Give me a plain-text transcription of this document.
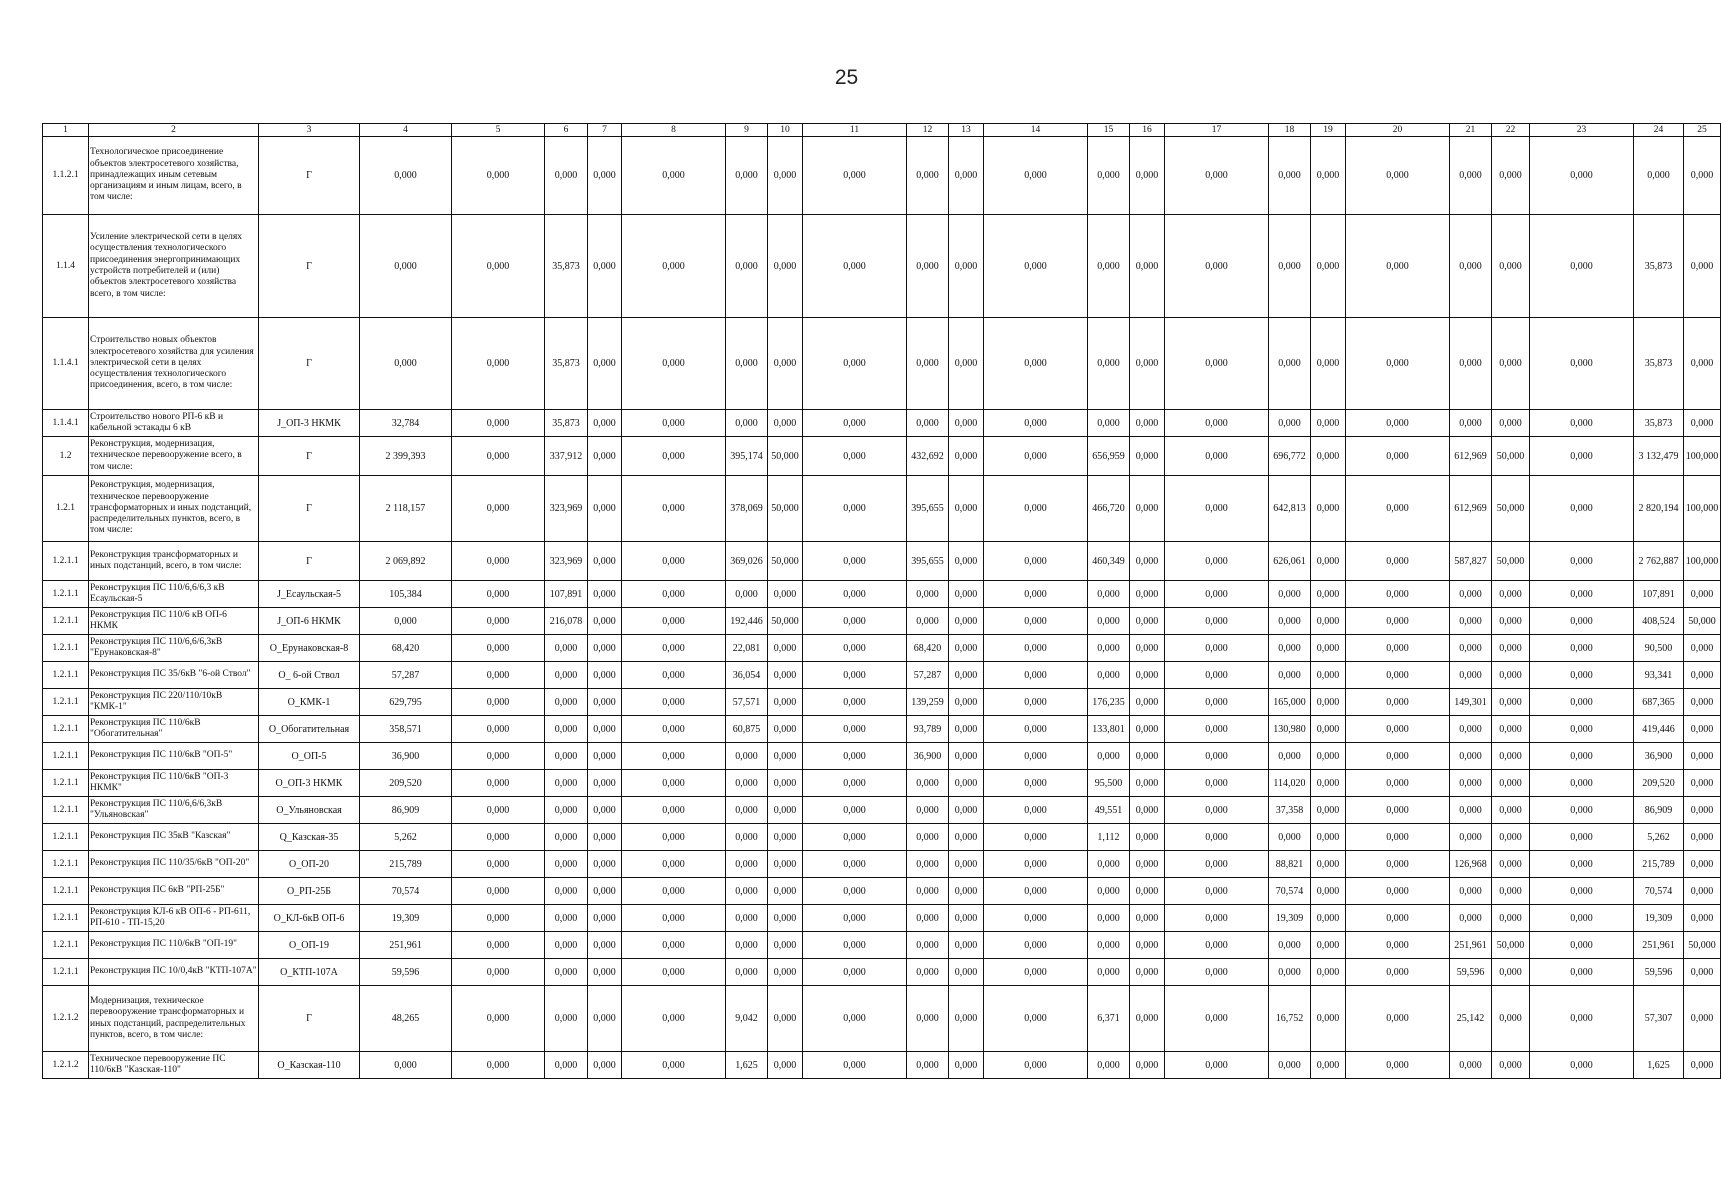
25
1	2	3	4	5	6	7	8	9	10	11	12	13	14	15	16	17	18	19	20	21	22	23	24	25
1.1.2.1	Технологическое присоединение объектов электросетевого хозяйства, принадлежащих иным сетевым организациям и иным лицам, всего, в том числе:	Г	0,000	0,000	0,000	0,000	0,000	0,000	0,000	0,000	0,000	0,000	0,000	0,000	0,000	0,000	0,000	0,000	0,000	0,000	0,000	0,000	0,000	0,000
1.1.4	Усиление электрической сети в целях осуществления технологического присоединения энергопринимающих устройств потребителей и (или) объектов электросетевого хозяйства всего, в том числе:	Г	0,000	0,000	35,873	0,000	0,000	0,000	0,000	0,000	0,000	0,000	0,000	0,000	0,000	0,000	0,000	0,000	0,000	0,000	0,000	0,000	35,873	0,000
1.1.4.1	Строительство новых объектов электросетевого хозяйства для усиления электрической сети в целях осуществления технологического присоединения, всего, в том числе:	Г	0,000	0,000	35,873	0,000	0,000	0,000	0,000	0,000	0,000	0,000	0,000	0,000	0,000	0,000	0,000	0,000	0,000	0,000	0,000	0,000	35,873	0,000
1.1.4.1	Строительство нового РП-6 кВ и кабельной эстакады 6 кВ	J_ОП-3 НКМК	32,784	0,000	35,873	0,000	0,000	0,000	0,000	0,000	0,000	0,000	0,000	0,000	0,000	0,000	0,000	0,000	0,000	0,000	0,000	0,000	35,873	0,000
1.2	Реконструкция, модернизация, техническое перевооружение всего, в том числе:	Г	2 399,393	0,000	337,912	0,000	0,000	395,174	50,000	0,000	432,692	0,000	0,000	656,959	0,000	0,000	696,772	0,000	0,000	612,969	50,000	0,000	3 132,479	100,000
1.2.1	Реконструкция, модернизация, техническое перевооружение трансформаторных и иных подстанций, распределительных пунктов, всего, в том числе:	Г	2 118,157	0,000	323,969	0,000	0,000	378,069	50,000	0,000	395,655	0,000	0,000	466,720	0,000	0,000	642,813	0,000	0,000	612,969	50,000	0,000	2 820,194	100,000
1.2.1.1	Реконструкция трансформаторных и иных подстанций, всего, в том числе:	Г	2 069,892	0,000	323,969	0,000	0,000	369,026	50,000	0,000	395,655	0,000	0,000	460,349	0,000	0,000	626,061	0,000	0,000	587,827	50,000	0,000	2 762,887	100,000
1.2.1.1	Реконструкция ПС 110/6,6/6,3 кВ Есаульская-5	J_Есаульская-5	105,384	0,000	107,891	0,000	0,000	0,000	0,000	0,000	0,000	0,000	0,000	0,000	0,000	0,000	0,000	0,000	0,000	0,000	0,000	0,000	107,891	0,000
1.2.1.1	Реконструкция ПС 110/6 кВ ОП-6 НКМК	J_ОП-6 НКМК	0,000	0,000	216,078	0,000	0,000	192,446	50,000	0,000	0,000	0,000	0,000	0,000	0,000	0,000	0,000	0,000	0,000	0,000	0,000	0,000	408,524	50,000
1.2.1.1	Реконструкция ПС 110/6,6/6,3кВ "Ерунаковская-8"	О_Ерунаковская-8	68,420	0,000	0,000	0,000	0,000	22,081	0,000	0,000	68,420	0,000	0,000	0,000	0,000	0,000	0,000	0,000	0,000	0,000	0,000	0,000	90,500	0,000
1.2.1.1	Реконструкция ПС 35/6кВ "6-ой Ствол"	О_ 6-ой Ствол	57,287	0,000	0,000	0,000	0,000	36,054	0,000	0,000	57,287	0,000	0,000	0,000	0,000	0,000	0,000	0,000	0,000	0,000	0,000	0,000	93,341	0,000
1.2.1.1	Реконструкция ПС 220/110/10кВ "КМК-1"	О_КМК-1	629,795	0,000	0,000	0,000	0,000	57,571	0,000	0,000	139,259	0,000	0,000	176,235	0,000	0,000	165,000	0,000	0,000	149,301	0,000	0,000	687,365	0,000
1.2.1.1	Реконструкция ПС 110/6кВ "Обогатительная"	О_Обогатительная	358,571	0,000	0,000	0,000	0,000	60,875	0,000	0,000	93,789	0,000	0,000	133,801	0,000	0,000	130,980	0,000	0,000	0,000	0,000	0,000	419,446	0,000
1.2.1.1	Реконструкция ПС 110/6кВ "ОП-5"	О_ОП-5	36,900	0,000	0,000	0,000	0,000	0,000	0,000	0,000	36,900	0,000	0,000	0,000	0,000	0,000	0,000	0,000	0,000	0,000	0,000	0,000	36,900	0,000
1.2.1.1	Реконструкция ПС 110/6кВ "ОП-3 НКМК"	О_ОП-3 НКМК	209,520	0,000	0,000	0,000	0,000	0,000	0,000	0,000	0,000	0,000	0,000	95,500	0,000	0,000	114,020	0,000	0,000	0,000	0,000	0,000	209,520	0,000
1.2.1.1	Реконструкция ПС 110/6,6/6,3кВ "Ульяновская"	О_Ульяновская	86,909	0,000	0,000	0,000	0,000	0,000	0,000	0,000	0,000	0,000	0,000	49,551	0,000	0,000	37,358	0,000	0,000	0,000	0,000	0,000	86,909	0,000
1.2.1.1	Реконструкция ПС 35кВ "Казская"	Q_Казская-35	5,262	0,000	0,000	0,000	0,000	0,000	0,000	0,000	0,000	0,000	0,000	1,112	0,000	0,000	0,000	0,000	0,000	0,000	0,000	0,000	5,262	0,000
1.2.1.1	Реконструкция ПС 110/35/6кВ "ОП-20"	О_ОП-20	215,789	0,000	0,000	0,000	0,000	0,000	0,000	0,000	0,000	0,000	0,000	0,000	0,000	0,000	88,821	0,000	0,000	126,968	0,000	0,000	215,789	0,000
1.2.1.1	Реконструкция ПС 6кВ "РП-25Б"	О_РП-25Б	70,574	0,000	0,000	0,000	0,000	0,000	0,000	0,000	0,000	0,000	0,000	0,000	0,000	0,000	70,574	0,000	0,000	0,000	0,000	0,000	70,574	0,000
1.2.1.1	Реконструкция КЛ-6 кВ ОП-6 - РП-611, РП-610 - ТП-15,20	О_КЛ-6кВ ОП-6	19,309	0,000	0,000	0,000	0,000	0,000	0,000	0,000	0,000	0,000	0,000	0,000	0,000	0,000	19,309	0,000	0,000	0,000	0,000	0,000	19,309	0,000
1.2.1.1	Реконструкция ПС 110/6кВ "ОП-19"	О_ОП-19	251,961	0,000	0,000	0,000	0,000	0,000	0,000	0,000	0,000	0,000	0,000	0,000	0,000	0,000	0,000	0,000	0,000	251,961	50,000	0,000	251,961	50,000
1.2.1.1	Реконструкция ПС 10/0,4кВ "КТП-107А"	О_КТП-107А	59,596	0,000	0,000	0,000	0,000	0,000	0,000	0,000	0,000	0,000	0,000	0,000	0,000	0,000	0,000	0,000	0,000	59,596	0,000	0,000	59,596	0,000
1.2.1.2	Модернизация, техническое перевооружение трансформаторных и иных подстанций, распределительных пунктов, всего, в том числе:	Г	48,265	0,000	0,000	0,000	0,000	9,042	0,000	0,000	0,000	0,000	0,000	6,371	0,000	0,000	16,752	0,000	0,000	25,142	0,000	0,000	57,307	0,000
1.2.1.2	Техническое перевооружение ПС 110/6кВ "Казская-110"	О_Казская-110	0,000	0,000	0,000	0,000	0,000	1,625	0,000	0,000	0,000	0,000	0,000	0,000	0,000	0,000	0,000	0,000	0,000	0,000	0,000	0,000	1,625	0,000
